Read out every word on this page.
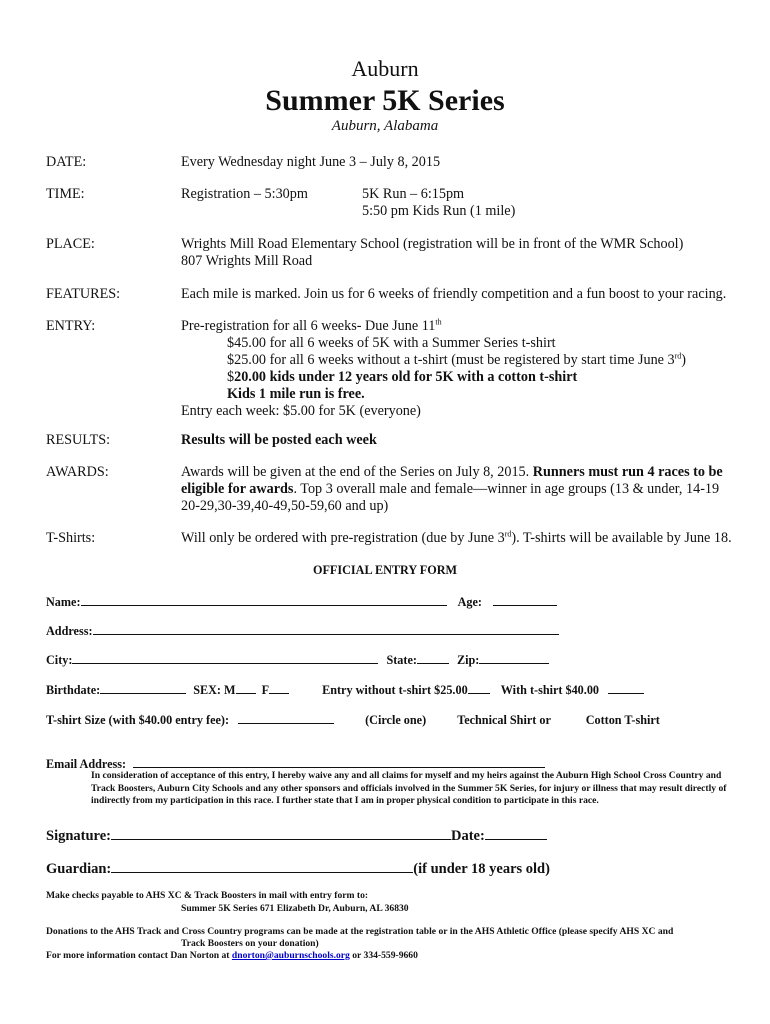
Auburn
Summer 5K Series
Auburn, Alabama
DATE:	Every Wednesday night June 3 – July 8, 2015
TIME:	Registration – 5:30pm	5K Run – 6:15pm
5:50 pm Kids Run (1 mile)
PLACE:	Wrights Mill Road Elementary School (registration will be in front of the WMR School)
807 Wrights Mill Road
FEATURES:	Each mile is marked. Join us for 6 weeks of friendly competition and a fun boost to your racing.
ENTRY:	Pre-registration for all 6 weeks- Due June 11th
$45.00 for all 6 weeks of 5K with a Summer Series t-shirt
$25.00 for all 6 weeks without a t-shirt (must be registered by start time June 3rd)
$20.00 kids under 12 years old for 5K with a cotton t-shirt
Kids 1 mile run is free.
Entry each week: $5.00 for 5K (everyone)
RESULTS:	Results will be posted each week
AWARDS:	Awards will be given at the end of the Series on July 8, 2015. Runners must run 4 races to be eligible for awards. Top 3 overall male and female—winner in age groups (13 & under, 14-19 20-29,30-39,40-49,50-59,60 and up)
T-Shirts:	Will only be ordered with pre-registration (due by June 3rd). T-shirts will be available by June 18.
OFFICIAL ENTRY FORM
Name:	Age:
Address:
City:	State:	Zip:
Birthdate:	SEX: M F	Entry without t-shirt $25.00	With t-shirt $40.00
T-shirt Size (with $40.00 entry fee):	(Circle one)	Technical Shirt or	Cotton T-shirt
Email Address:
In consideration of acceptance of this entry, I hereby waive any and all claims for myself and my heirs against the Auburn High School Cross Country and Track Boosters, Auburn City Schools and any other sponsors and officials involved in the Summer 5K Series, for injury or illness that may result directly of indirectly from my participation in this race. I further state that I am in proper physical condition to participate in this race.
Signature:	Date:
Guardian:	(if under 18 years old)
Make checks payable to AHS XC & Track Boosters in mail with entry form to:
Summer 5K Series 671 Elizabeth Dr, Auburn, AL 36830
Donations to the AHS Track and Cross Country programs can be made at the registration table or in the AHS Athletic Office (please specify AHS XC and
Track Boosters on your donation)
For more information contact Dan Norton at dnorton@auburnschools.org or 334-559-9660
